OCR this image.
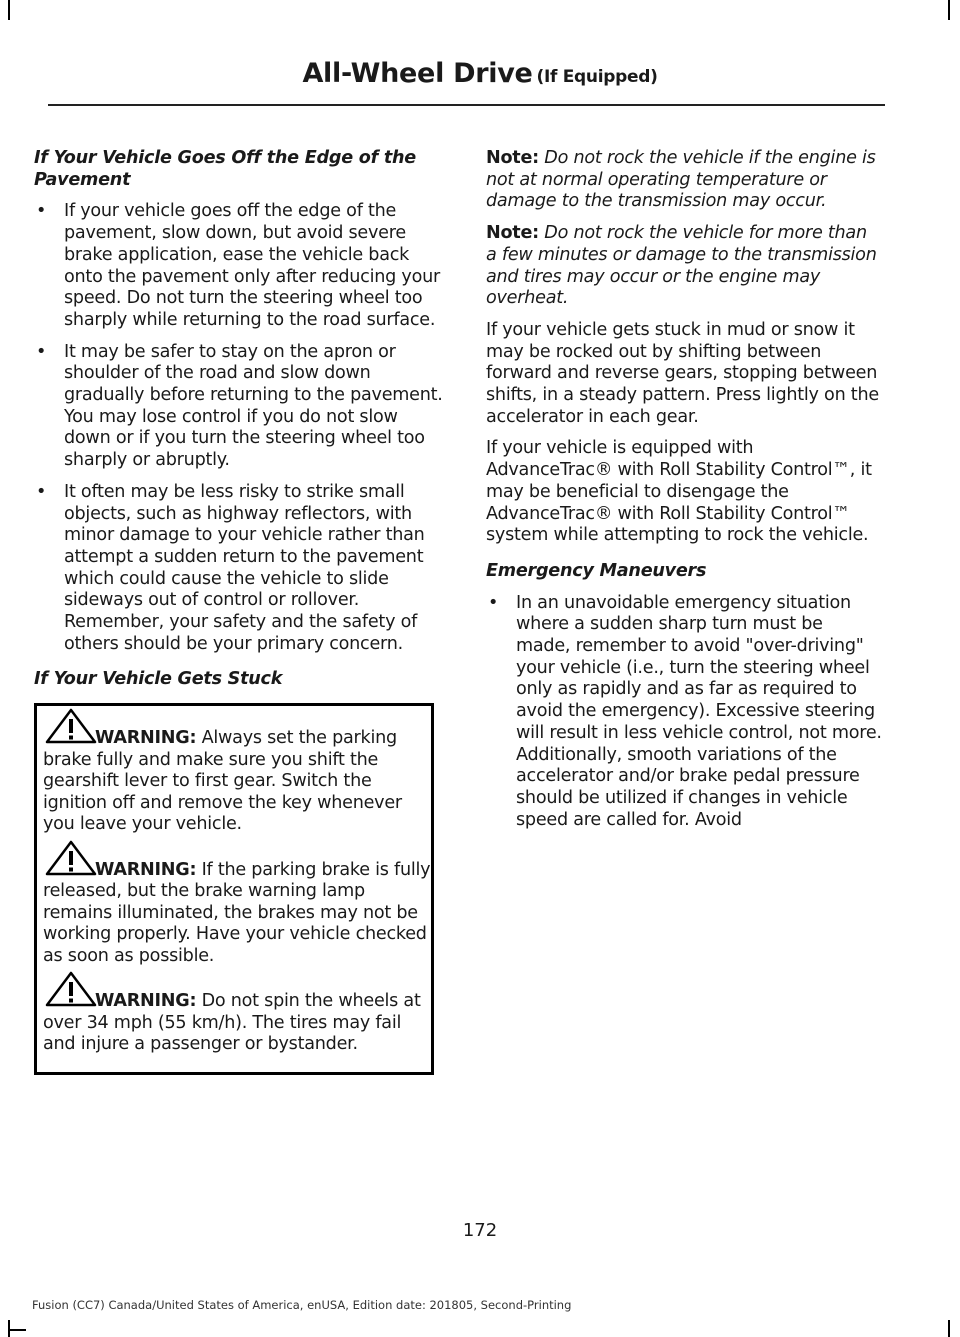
All-Wheel Drive (If Equipped)
If Your Vehicle Goes Off the Edge of the Pavement
• If your vehicle goes off the edge of the pavement, slow down, but avoid severe brake application, ease the vehicle back onto the pavement only after reducing your speed. Do not turn the steering wheel too sharply while returning to the road surface.
• It may be safer to stay on the apron or shoulder of the road and slow down gradually before returning to the pavement. You may lose control if you do not slow down or if you turn the steering wheel too sharply or abruptly.
• It often may be less risky to strike small objects, such as highway reflectors, with minor damage to your vehicle rather than attempt a sudden return to the pavement which could cause the vehicle to slide sideways out of control or rollover. Remember, your safety and the safety of others should be your primary concern.
If Your Vehicle Gets Stuck
WARNING: Always set the parking brake fully and make sure you shift the gearshift lever to first gear. Switch the ignition off and remove the key whenever you leave your vehicle.
WARNING: If the parking brake is fully released, but the brake warning lamp remains illuminated, the brakes may not be working properly. Have your vehicle checked as soon as possible.
WARNING: Do not spin the wheels at over 34 mph (55 km/h). The tires may fail and injure a passenger or bystander.

Note: Do not rock the vehicle if the engine is not at normal operating temperature or damage to the transmission may occur.

Note: Do not rock the vehicle for more than a few minutes or damage to the transmission and tires may occur or the engine may overheat.

If your vehicle gets stuck in mud or snow it may be rocked out by shifting between forward and reverse gears, stopping between shifts, in a steady pattern. Press lightly on the accelerator in each gear.

If your vehicle is equipped with AdvanceTrac® with Roll Stability Control™, it may be beneficial to disengage the AdvanceTrac® with Roll Stability Control™ system while attempting to rock the vehicle.

Emergency Maneuvers
• In an unavoidable emergency situation where a sudden sharp turn must be made, remember to avoid "over-driving" your vehicle (i.e., turn the steering wheel only as rapidly and as far as required to avoid the emergency). Excessive steering will result in less vehicle control, not more. Additionally, smooth variations of the accelerator and/or brake pedal pressure should be utilized if changes in vehicle speed are called for. Avoid
172
Fusion (CC7) Canada/United States of America, enUSA, Edition date: 201805, Second-Printing
